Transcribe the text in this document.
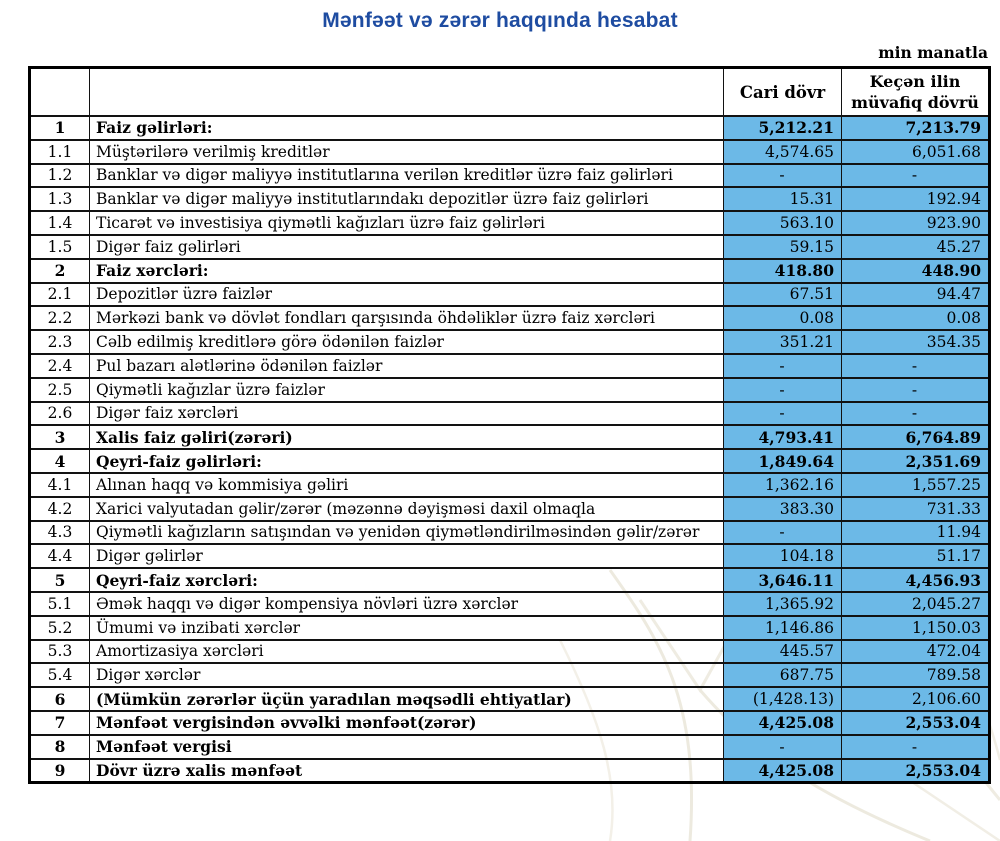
Mənfəət və zərər haqqında hesabat
min manatla
		Cari dövr	Keçən ilin
müvafiq dövrü

1	Faiz gəlirləri:	5,212.21	7,213.79
1.1	Müştərilərə verilmiş kreditlər	4,574.65	6,051.68
1.2	Banklar və digər maliyyə institutlarına verilən kreditlər üzrə faiz gəlirləri	-	-
1.3	Banklar və digər maliyyə institutlarındakı depozitlər üzrə faiz gəlirləri	15.31	192.94
1.4	Ticarət və investisiya qiymətli kağızları üzrə faiz gəlirləri	563.10	923.90
1.5	Digər faiz gəlirləri	59.15	45.27
2	Faiz xərcləri:	418.80	448.90
2.1	Depozitlər üzrə faizlər	67.51	94.47
2.2	Mərkəzi bank və dövlət fondları qarşısında öhdəliklər üzrə faiz xərcləri	0.08	0.08
2.3	Cəlb edilmiş kreditlərə görə ödənilən faizlər	351.21	354.35
2.4	Pul bazarı alətlərinə ödənilən faizlər	-	-
2.5	Qiymətli kağızlar üzrə faizlər	-	-
2.6	Digər faiz xərcləri	-	-
3	Xalis faiz gəliri(zərəri)	4,793.41	6,764.89
4	Qeyri-faiz gəlirləri:	1,849.64	2,351.69
4.1	Alınan haqq və kommisiya gəliri	1,362.16	1,557.25
4.2	Xarici valyutadan gəlir/zərər (məzənnə dəyişməsi daxil olmaqla	383.30	731.33
4.3	Qiymətli kağızların satışından və yenidən qiymətləndirilməsindən gəlir/zərər	-	11.94
4.4	Digər gəlirlər	104.18	51.17
5	Qeyri-faiz xərcləri:	3,646.11	4,456.93
5.1	Əmək haqqı və digər kompensiya növləri üzrə xərclər	1,365.92	2,045.27
5.2	Ümumi və inzibati xərclər	1,146.86	1,150.03
5.3	Amortizasiya xərcləri	445.57	472.04
5.4	Digər xərclər	687.75	789.58
6	(Mümkün zərərlər üçün yaradılan məqsədli ehtiyatlar)	(1,428.13)	2,106.60
7	Mənfəət vergisindən əvvəlki mənfəət(zərər)	4,425.08	2,553.04
8	Mənfəət vergisi	-	-
9	Dövr üzrə xalis mənfəət	4,425.08	2,553.04
